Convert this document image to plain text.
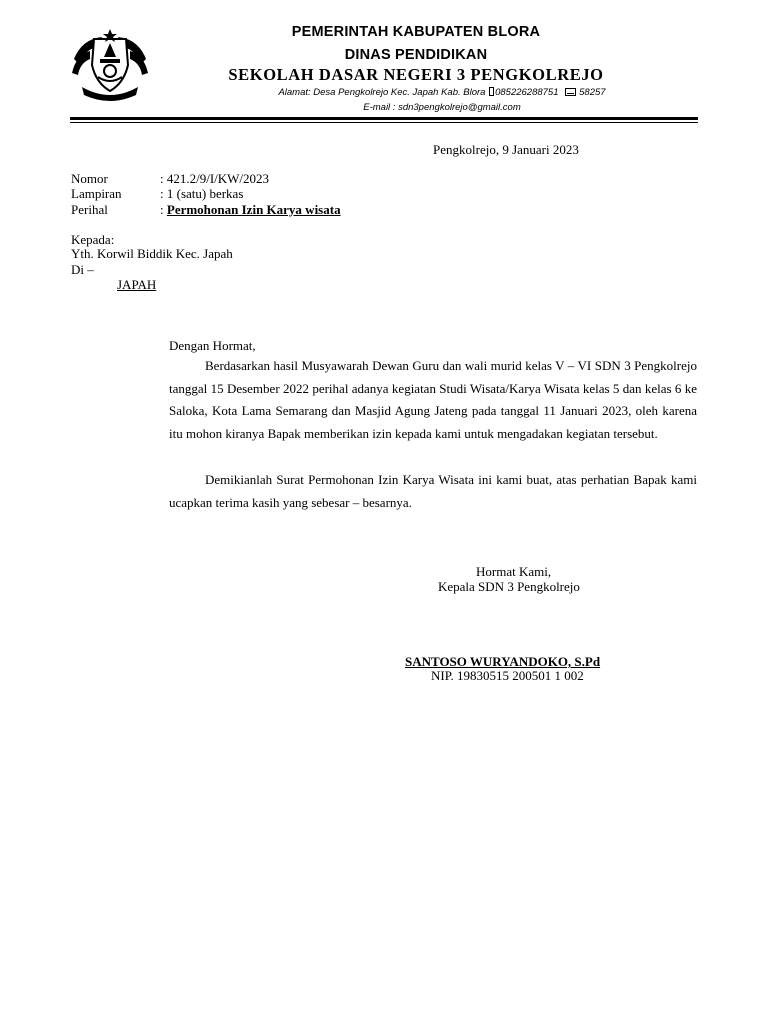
PEMERINTAH KABUPATEN BLORA
DINAS PENDIDIKAN
SEKOLAH DASAR NEGERI 3 PENGKOLREJO
Alamat: Desa Pengkolrejo Kec. Japah Kab. Blora 085226288751 58257
E-mail : sdn3pengkolrejo@gmail.com
Pengkolrejo, 9 Januari 2023
Nomor	: 421.2/9/I/KW/2023
Lampiran	: 1 (satu) berkas
Perihal	: Permohonan Izin Karya wisata
Kepada:
Yth. Korwil Biddik Kec. Japah
Di –
JAPAH
Dengan Hormat,
Berdasarkan hasil Musyawarah Dewan Guru dan wali murid kelas V – VI SDN 3 Pengkolrejo tanggal 15 Desember 2022 perihal adanya kegiatan Studi Wisata/Karya Wisata kelas 5 dan kelas 6 ke Saloka, Kota Lama Semarang dan Masjid Agung Jateng pada tanggal 11 Januari 2023, oleh karena itu mohon kiranya Bapak memberikan izin kepada kami untuk mengadakan kegiatan tersebut.
Demikianlah Surat Permohonan Izin Karya Wisata ini kami buat, atas perhatian Bapak kami ucapkan terima kasih yang sebesar – besarnya.
Hormat Kami,
Kepala SDN 3 Pengkolrejo
SANTOSO WURYANDOKO, S.Pd
NIP. 19830515 200501 1 002
